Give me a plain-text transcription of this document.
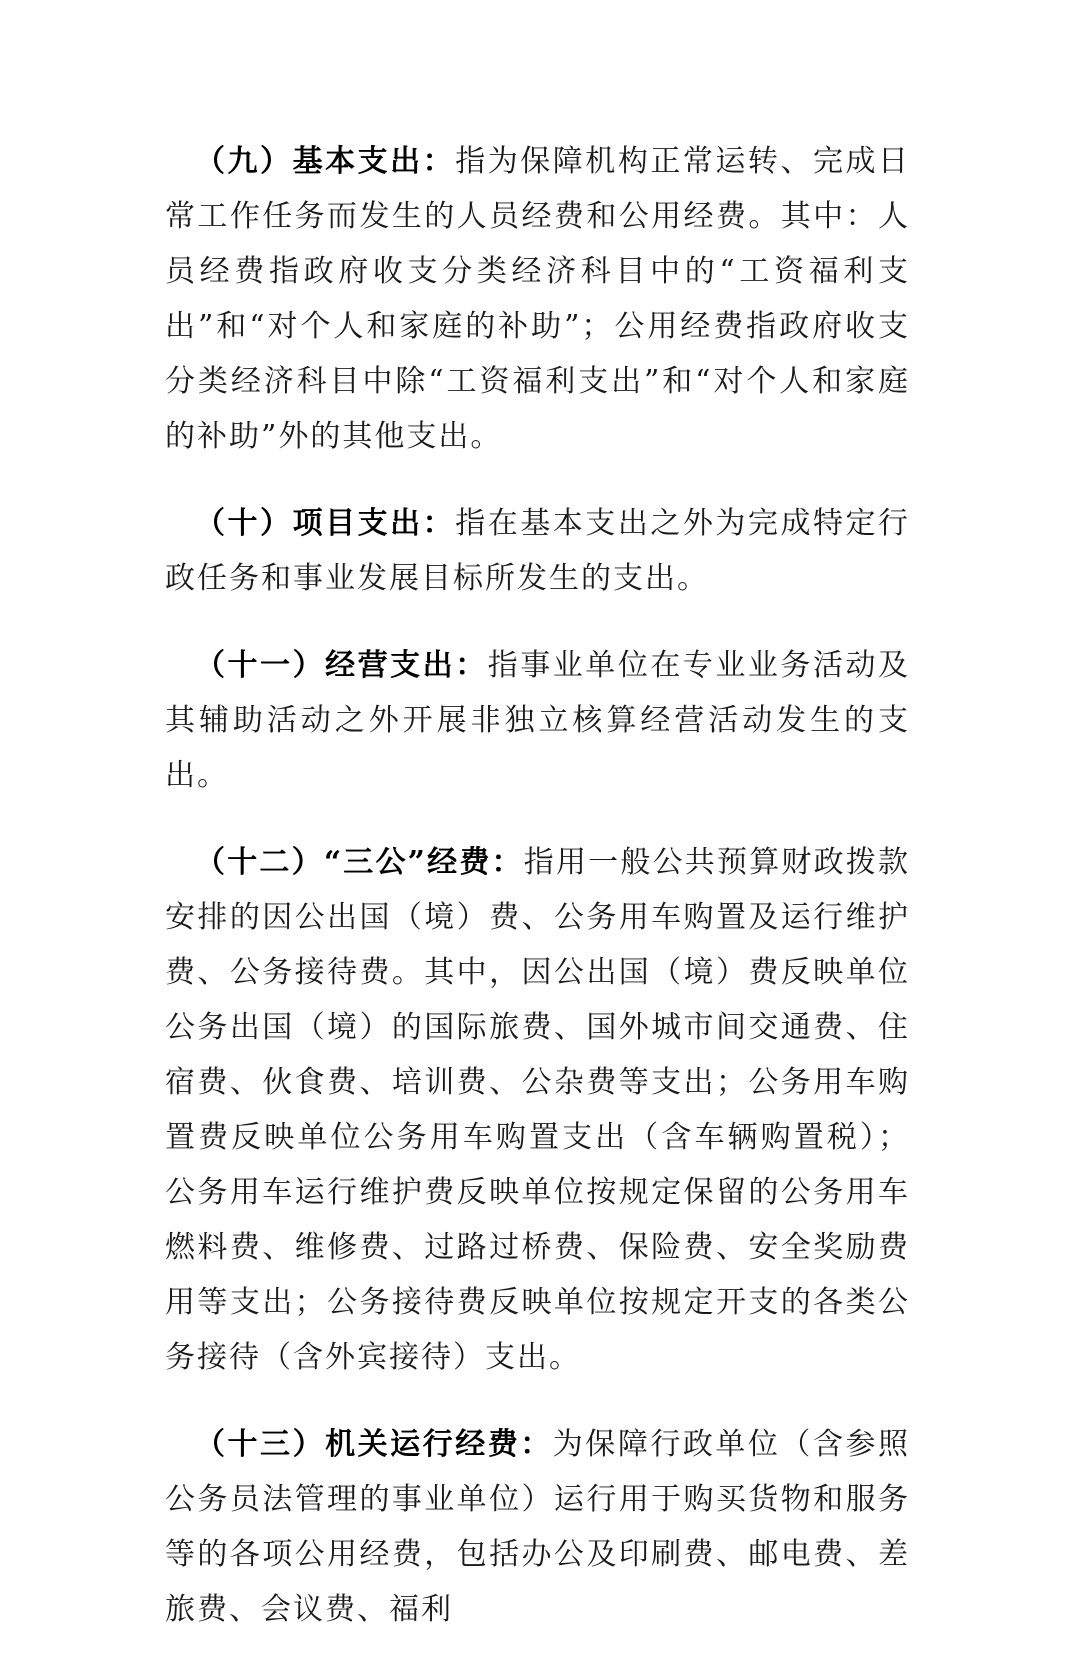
（九）基本支出：指为保障机构正常运转、完成日常工作任务而发生的人员经费和公用经费。其中：人员经费指政府收支分类经济科目中的“工资福利支出”和“对个人和家庭的补助”；公用经费指政府收支分类经济科目中除“工资福利支出”和“对个人和家庭的补助”外的其他支出。

（十）项目支出：指在基本支出之外为完成特定行政任务和事业发展目标所发生的支出。

（十一）经营支出：指事业单位在专业业务活动及其辅助活动之外开展非独立核算经营活动发生的支出。

（十二）“三公”经费：指用一般公共预算财政拨款安排的因公出国（境）费、公务用车购置及运行维护费、公务接待费。其中，因公出国（境）费反映单位公务出国（境）的国际旅费、国外城市间交通费、住宿费、伙食费、培训费、公杂费等支出；公务用车购置费反映单位公务用车购置支出（含车辆购置税）；公务用车运行维护费反映单位按规定保留的公务用车燃料费、维修费、过路过桥费、保险费、安全奖励费用等支出；公务接待费反映单位按规定开支的各类公务接待（含外宾接待）支出。

（十三）机关运行经费：为保障行政单位（含参照公务员法管理的事业单位）运行用于购买货物和服务等的各项公用经费，包括办公及印刷费、邮电费、差旅费、会议费、福利
